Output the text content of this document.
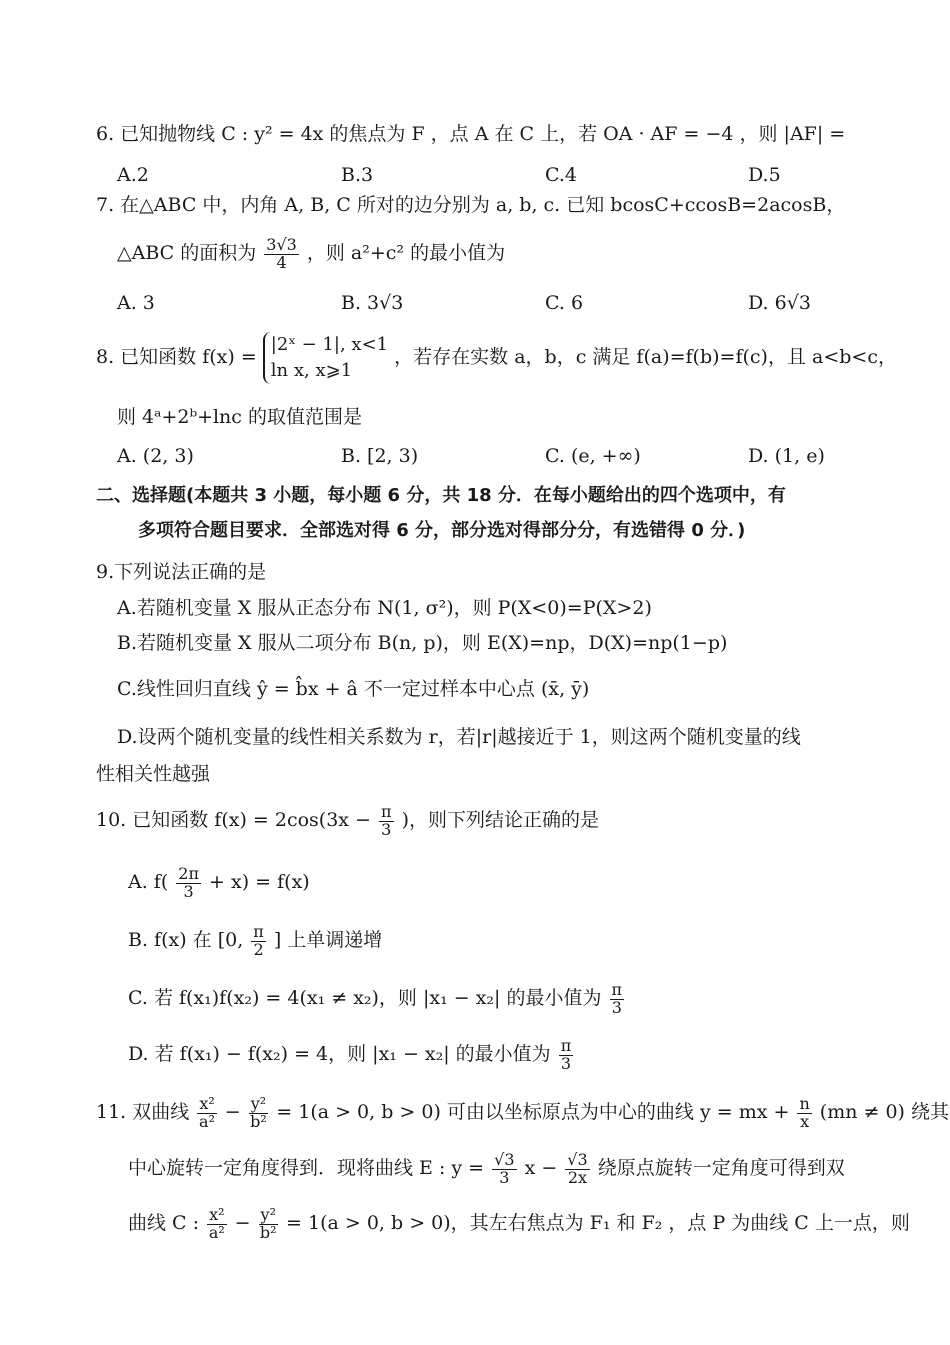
6. 已知抛物线 C : y² = 4x 的焦点为 F ，点 A 在 C 上，若 OA · AF = −4 ，则 |AF| =
A.2	B.3	C.4	D.5
7. 在△ABC 中，内角 A, B, C 所对的边分别为 a, b, c. 已知 bcosC+ccosB=2acosB，
△ABC 的面积为 $\frac{3√3}{4}$ ，则 a²+c² 的最小值为
A. 3	B. 3√3	C. 6	D. 6√3
8. 已知函数 f(x) =
|2ˣ − 1|, x<1
ln x, x⩾1
，若存在实数 a，b，c 满足 f(a)=f(b)=f(c)，且 a<b<c，
则 4ᵃ+2ᵇ+lnc 的取值范围是
A. (2, 3)	B. [2, 3)	C. (e, +∞)	D. (1, e)
二、选择题(本题共 3 小题，每小题 6 分，共 18 分．在每小题给出的四个选项中，有
多项符合题目要求．全部选对得 6 分，部分选对得部分分，有选错得 0 分．)
9.下列说法正确的是
A.若随机变量 X 服从正态分布 N(1, σ²)，则 P(X<0)=P(X>2)
B.若随机变量 X 服从二项分布 B(n, p)，则 E(X)=np，D(X)=np(1−p)
C.线性回归直线 ŷ = b̂x + â 不一定过样本中心点 (x̄, ȳ)
D.设两个随机变量的线性相关系数为 r，若|r|越接近于 1，则这两个随机变量的线
性相关性越强
10. 已知函数 $f(x) = 2\cos(3x - \frac{\pi}{3}$ )，则下列结论正确的是
A. $f( \frac{2\pi}{3} + x) = f(x)$
B. f(x) 在 [0, $\frac{\pi}{2}$ ] 上单调递增
C. 若 f(x₁)f(x₂) = 4(x₁ ≠ x₂)，则 |x₁ − x₂| 的最小值为 $\frac{\pi}{3}$
D. 若 f(x₁) − f(x₂) = 4，则 |x₁ − x₂| 的最小值为 $\frac{\pi}{3}$
11. 双曲线 $\frac{\text{x²}}{\text{a²}} - \frac{\text{y²}}{\text{b²}} = 1(a > 0$, b > 0) 可由以坐标原点为中心的曲线 y = mx + $\frac{n}{x} (mn \ne 0)$ 绕其
中心旋转一定角度得到．现将曲线 E : $y = \frac{√3}{3}$ $x - \frac{√3}{2x}$ 绕原点旋转一定角度可得到双
曲线 C : $\frac{\text{x²}}{\text{a²}} - \frac{\text{y²}}{\text{b²}} = 1(a > 0$, b > 0)，其左右焦点为 F₁ 和 F₂ ，点 P 为曲线 C 上一点，则
